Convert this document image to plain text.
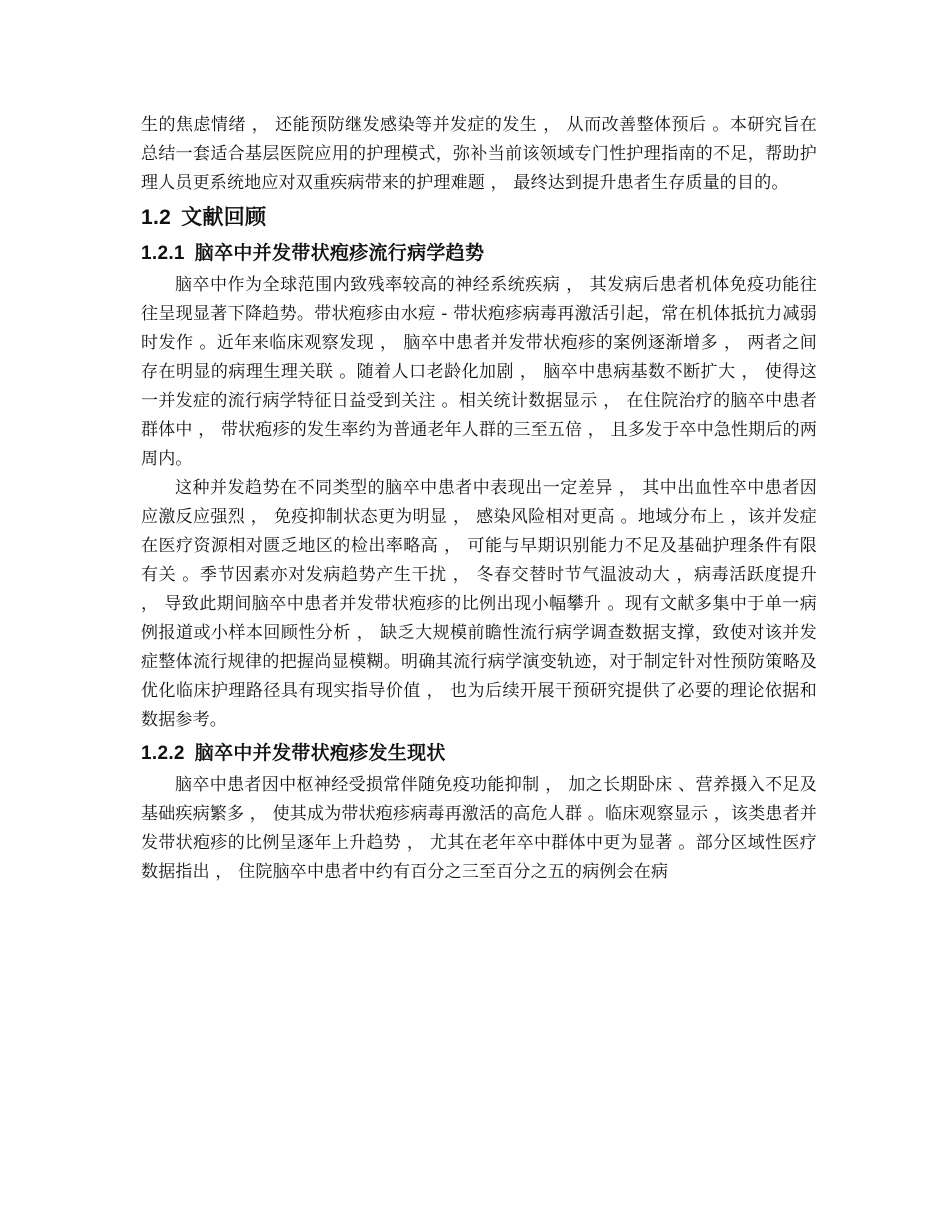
生的焦虑情绪 ， 还能预防继发感染等并发症的发生 ， 从而改善整体预后 。本研究旨在总结一套适合基层医院应用的护理模式，弥补当前该领域专门性护理指南的不足，帮助护理人员更系统地应对双重疾病带来的护理难题 ， 最终达到提升患者生存质量的目的。

1.2 文献回顾
1.2.1 脑卒中并发带状疱疹流行病学趋势

脑卒中作为全球范围内致残率较高的神经系统疾病 ， 其发病后患者机体免疫功能往往呈现显著下降趋势。带状疱疹由水痘 - 带状疱疹病毒再激活引起，常在机体抵抗力减弱时发作 。近年来临床观察发现 ， 脑卒中患者并发带状疱疹的案例逐渐增多 ， 两者之间存在明显的病理生理关联 。随着人口老龄化加剧 ， 脑卒中患病基数不断扩大 ， 使得这一并发症的流行病学特征日益受到关注 。相关统计数据显示 ， 在住院治疗的脑卒中患者群体中 ， 带状疱疹的发生率约为普通老年人群的三至五倍 ， 且多发于卒中急性期后的两周内。

这种并发趋势在不同类型的脑卒中患者中表现出一定差异 ， 其中出血性卒中患者因应激反应强烈 ， 免疫抑制状态更为明显 ， 感染风险相对更高 。地域分布上 ，该并发症在医疗资源相对匮乏地区的检出率略高 ， 可能与早期识别能力不足及基础护理条件有限有关 。季节因素亦对发病趋势产生干扰 ， 冬春交替时节气温波动大 ，病毒活跃度提升 ， 导致此期间脑卒中患者并发带状疱疹的比例出现小幅攀升 。现有文献多集中于单一病例报道或小样本回顾性分析 ， 缺乏大规模前瞻性流行病学调查数据支撑，致使对该并发症整体流行规律的把握尚显模糊。明确其流行病学演变轨迹，对于制定针对性预防策略及优化临床护理路径具有现实指导价值 ， 也为后续开展干预研究提供了必要的理论依据和数据参考。

1.2.2 脑卒中并发带状疱疹发生现状

脑卒中患者因中枢神经受损常伴随免疫功能抑制 ， 加之长期卧床 、营养摄入不足及基础疾病繁多 ， 使其成为带状疱疹病毒再激活的高危人群 。临床观察显示 ，该类患者并发带状疱疹的比例呈逐年上升趋势 ， 尤其在老年卒中群体中更为显著 。部分区域性医疗数据指出 ， 住院脑卒中患者中约有百分之三至百分之五的病例会在病
